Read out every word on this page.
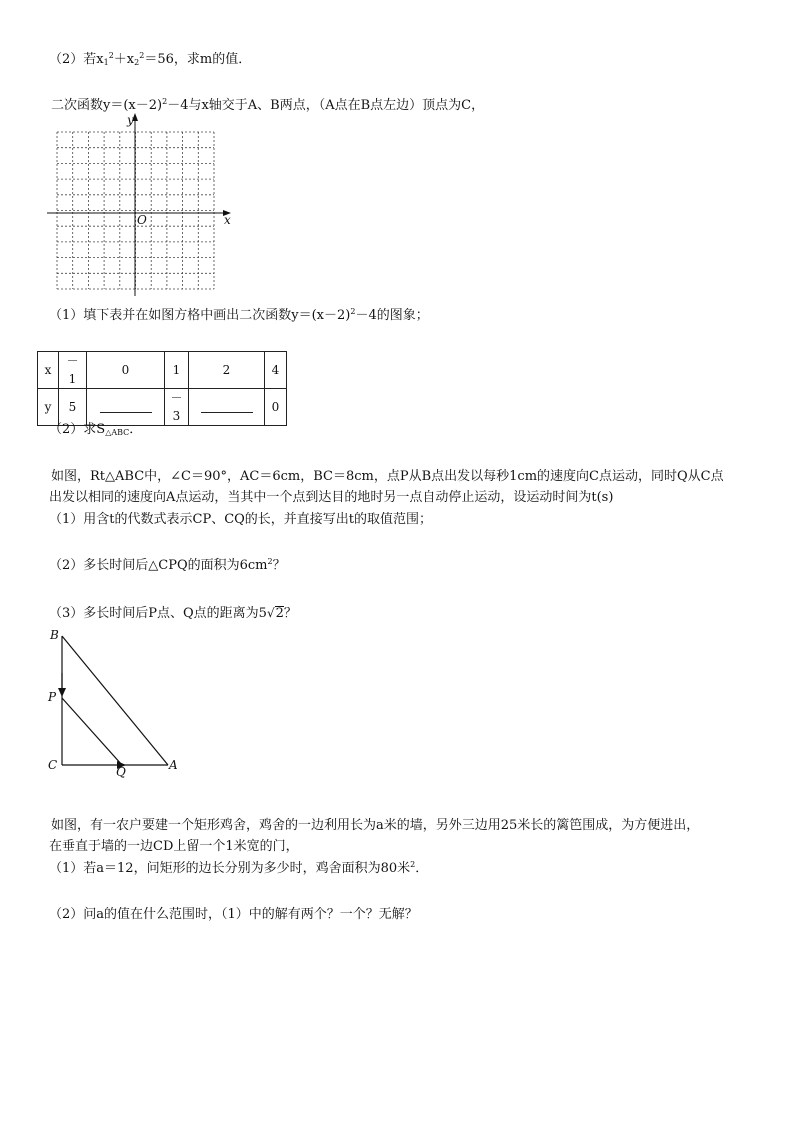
（2）若$x_1^2+x_2^2=56$，求m的值．
二次函数$y=(x-2)^2-4$与x轴交于A、B两点，（A点在B点左边）顶点为C，
y
x
O
（1）填下表并在如图方格中画出二次函数$y=(x-2)^2-4$的图象；
x	－1	0	1	2	4
y	5		－3		0
（2）求$S_{\triangle ABC}$．
如图，Rt△ABC中，∠C＝90°，AC＝6cm，BC＝8cm，点P从B点出发以每秒1cm的速度向C点运动，同时Q从C点
出发以相同的速度向A点运动，当其中一个点到达目的地时另一点自动停止运动，设运动时间为t(s)
（1）用含t的代数式表示CP、CQ的长，并直接写出t的取值范围；
（2）多长时间后△CPQ的面积为$6cm^2$？
（3）多长时间后P点、Q点的距离为5√2？
B
P
C	Q	A
如图，有一农户要建一个矩形鸡舍，鸡舍的一边利用长为a米的墙，另外三边用25米长的篱笆围成，为方便进出，
在垂直于墙的一边CD上留一个1米宽的门，
（1）若a＝12，问矩形的边长分别为多少时，鸡舍面积为80米$^2$．
（2）问a的值在什么范围时，（1）中的解有两个？一个？无解？
